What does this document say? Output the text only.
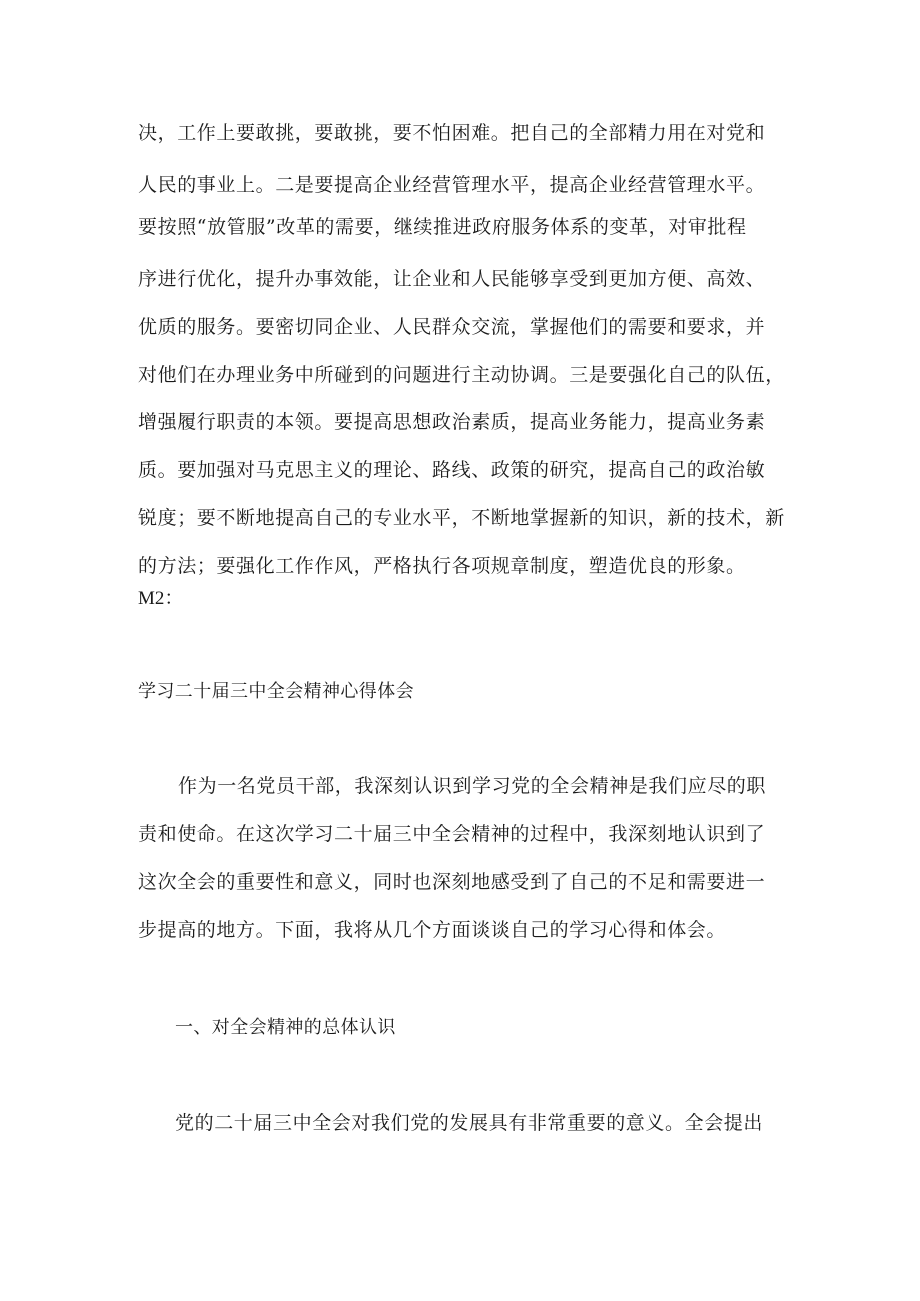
决，工作上要敢挑，要敢挑，要不怕困难。把自己的全部精力用在对党和
人民的事业上。二是要提高企业经营管理水平，提高企业经营管理水平。
要按照“放管服”改革的需要，继续推进政府服务体系的变革，对审批程
序进行优化，提升办事效能，让企业和人民能够享受到更加方便、高效、
优质的服务。要密切同企业、人民群众交流，掌握他们的需要和要求，并
对他们在办理业务中所碰到的问题进行主动协调。三是要强化自己的队伍，
增强履行职责的本领。要提高思想政治素质，提高业务能力，提高业务素
质。要加强对马克思主义的理论、路线、政策的研究，提高自己的政治敏
锐度；要不断地提高自己的专业水平，不断地掌握新的知识，新的技术，新
的方法；要强化工作作风，严格执行各项规章制度，塑造优良的形象。
M2：
学习二十届三中全会精神心得体会
作为一名党员干部，我深刻认识到学习党的全会精神是我们应尽的职
责和使命。在这次学习二十届三中全会精神的过程中，我深刻地认识到了
这次全会的重要性和意义，同时也深刻地感受到了自己的不足和需要进一
步提高的地方。下面，我将从几个方面谈谈自己的学习心得和体会。
一、对全会精神的总体认识
党的二十届三中全会对我们党的发展具有非常重要的意义。全会提出
